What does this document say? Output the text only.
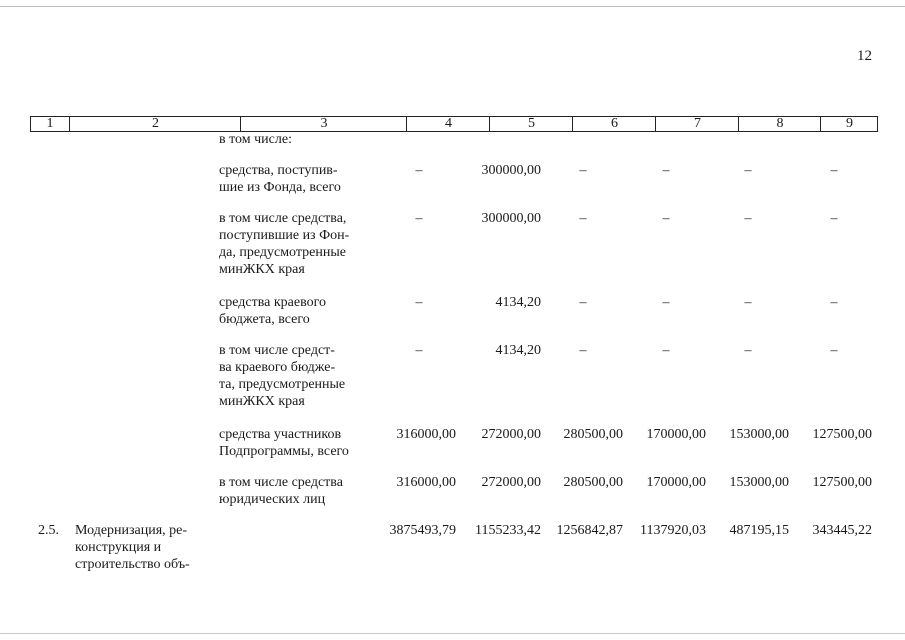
12
1	2	3	4	5	6	7	8	9
в том числе:
средства, поступив-
шие из Фонда, всего
–	300000,00	–	–	–	–
в том числе средства,
поступившие из Фон-
да, предусмотренные
минЖКХ края
–	300000,00	–	–	–	–
средства краевого
бюджета, всего
–	4134,20	–	–	–	–
в том числе средст-
ва краевого бюдже-
та, предусмотренные
минЖКХ края
–	4134,20	–	–	–	–
средства участников
Подпрограммы, всего
316000,00	272000,00	280500,00	170000,00	153000,00	127500,00
в том числе средства
юридических лиц
316000,00	272000,00	280500,00	170000,00	153000,00	127500,00
2.5. Модернизация, ре-
конструкция и
строительство объ-
3875493,79	1155233,42	1256842,87	1137920,03	487195,15	343445,22
